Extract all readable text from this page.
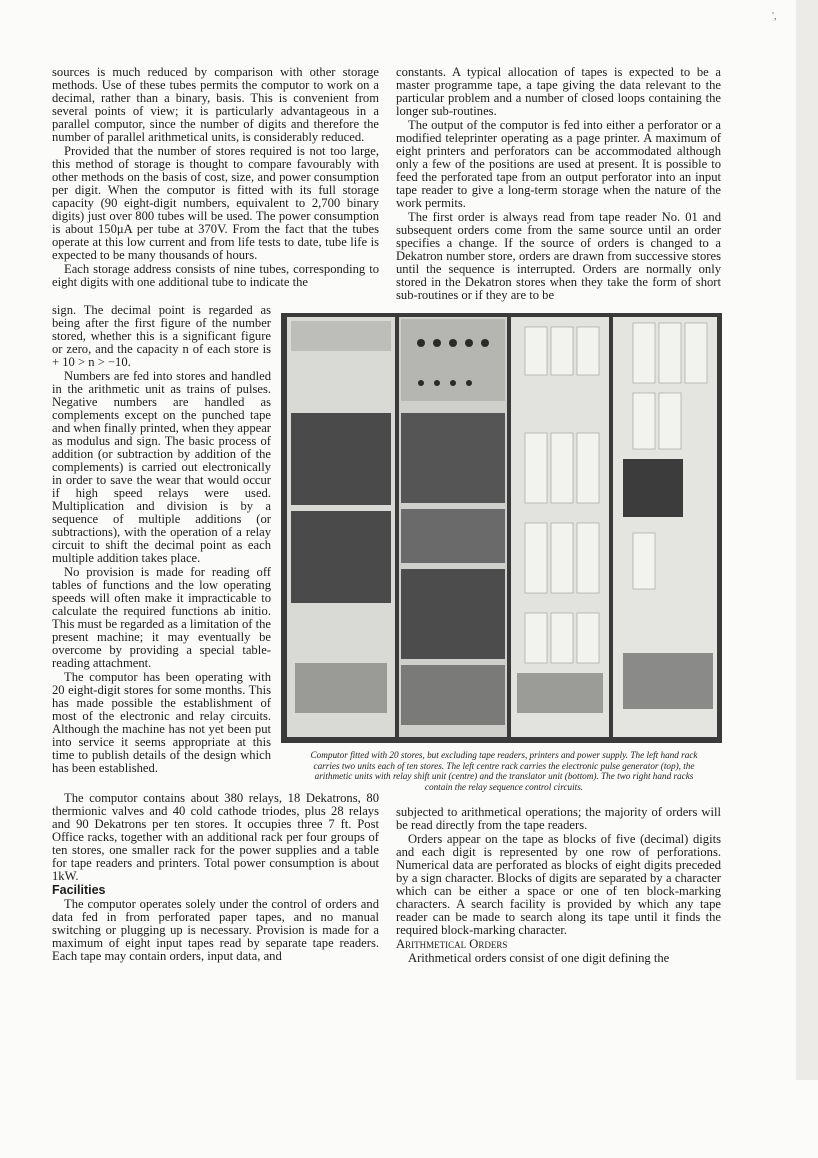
',

sources is much reduced by comparison with other storage methods. Use of these tubes permits the computor to work on a decimal, rather than a binary, basis. This is convenient from several points of view; it is particularly advantageous in a parallel computor, since the number of digits and therefore the number of parallel arithmetical units, is considerably reduced.

Provided that the number of stores required is not too large, this method of storage is thought to compare favourably with other methods on the basis of cost, size, and power consumption per digit. When the computor is fitted with its full storage capacity (90 eight-digit numbers, equivalent to 2,700 binary digits) just over 800 tubes will be used. The power consumption is about 150μA per tube at 370V. From the fact that the tubes operate at this low current and from life tests to date, tube life is expected to be many thousands of hours.

Each storage address consists of nine tubes, corresponding to eight digits with one additional tube to indicate the

sign. The decimal point is regarded as being after the first figure of the number stored, whether this is a significant figure or zero, and the capacity n of each store is + 10 > n > −10.

Numbers are fed into stores and handled in the arithmetic unit as trains of pulses. Negative numbers are handled as complements except on the punched tape and when finally printed, when they appear as modulus and sign. The basic process of addition (or subtraction by addition of the complements) is carried out electronically in order to save the wear that would occur if high speed relays were used. Multiplication and division is by a sequence of multiple additions (or subtractions), with the operation of a relay circuit to shift the decimal point as each multiple addition takes place.

No provision is made for reading off tables of functions and the low operating speeds will often make it impracticable to calculate the required functions ab initio. This must be regarded as a limitation of the present machine; it may eventually be overcome by providing a special table-reading attachment.

The computor has been operating with 20 eight-digit stores for some months. This has made possible the establishment of most of the electronic and relay circuits. Although the machine has not yet been put into service it seems appropriate at this time to publish details of the design which has been established.

The computor contains about 380 relays, 18 Dekatrons, 80 thermionic valves and 40 cold cathode triodes, plus 28 relays and 90 Dekatrons per ten stores. It occupies three 7 ft. Post Office racks, together with an additional rack per four groups of ten stores, one smaller rack for the power supplies and a table for tape readers and printers. Total power consumption is about 1kW.

Facilities

The computor operates solely under the control of orders and data fed in from perforated paper tapes, and no manual switching or plugging up is necessary. Provision is made for a maximum of eight input tapes read by separate tape readers. Each tape may contain orders, input data, and

constants. A typical allocation of tapes is expected to be a master programme tape, a tape giving the data relevant to the particular problem and a number of closed loops containing the longer sub-routines.

The output of the computor is fed into either a perforator or a modified teleprinter operating as a page printer. A maximum of eight printers and perforators can be accommodated although only a few of the positions are used at present. It is possible to feed the perforated tape from an output perforator into an input tape reader to give a long-term storage when the nature of the work permits.

The first order is always read from tape reader No. 01 and subsequent orders come from the same source until an order specifies a change. If the source of orders is changed to a Dekatron number store, orders are drawn from successive stores until the sequence is interrupted. Orders are normally only stored in the Dekatron stores when they take the form of short sub-routines or if they are to be

Computor fitted with 20 stores, but excluding tape readers, printers and power supply. The left hand rack carries two units each of ten stores. The left centre rack carries the electronic pulse generator (top), the arithmetic units with relay shift unit (centre) and the translator unit (bottom). The two right hand racks contain the relay sequence control circuits.

subjected to arithmetical operations; the majority of orders will be read directly from the tape readers.

Orders appear on the tape as blocks of five (decimal) digits and each digit is represented by one row of perforations. Numerical data are perforated as blocks of eight digits preceded by a sign character. Blocks of digits are separated by a character which can be either a space or one of ten block-marking characters. A search facility is provided by which any tape reader can be made to search along its tape until it finds the required block-marking character.

Arithmetical Orders

Arithmetical orders consist of one digit defining the
